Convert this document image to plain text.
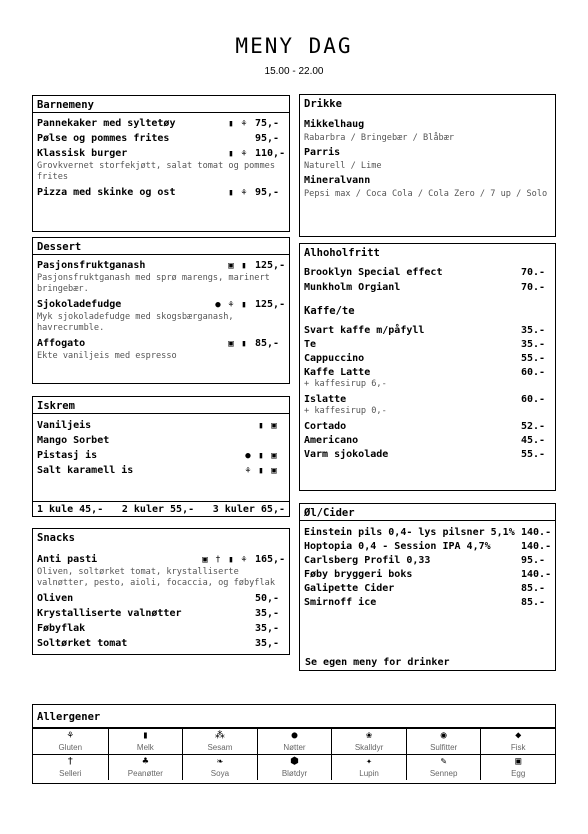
MENY DAG
15.00 - 22.00
Barnemeny
Pannekaker med syltetøy	▮ ⚘ 75,-
Pølse og pommes frites	95,-
Klassisk burger	▮ ⚘ 110,-
Grovkvernet storfekjøtt, salat tomat og pommes frites
Pizza med skinke og ost	▮ ⚘ 95,-
Dessert
Pasjonsfruktganash	▣ ▮ 125,-
Pasjonsfruktganash med sprø marengs, marinert bringebær.
Sjokoladefudge	● ⚘ ▮ 125,-
Myk sjokoladefudge med skogsbærganash, havrecrumble.
Affogato	▣ ▮ 85,-
Ekte vaniljeis med espresso
Iskrem
Vaniljeis	▮ ▣
Mango Sorbet
Pistasj is	● ▮ ▣
Salt karamell is	⚘ ▮ ▣
1 kule 45,- 2 kuler 55,- 3 kuler 65,-
Snacks
Anti pasti	▣ † ▮ ⚘ 165,-
Oliven, soltørket tomat, krystalliserte valnøtter, pesto, aioli, focaccia, og føbyflak
Oliven	50,-
Krystalliserte valnøtter	35,-
Føbyflak	35,-
Soltørket tomat	35,-
Drikke
Mikkelhaug
Rabarbra / Bringebær / Blåbær
Parris
Naturell / Lime
Mineralvann
Pepsi max / Coca Cola / Cola Zero / 7 up / Solo
Alhoholfritt
Brooklyn Special effect	70.-
Munkholm Orgianl	70.-
Kaffe/te
Svart kaffe m/påfyll	35.-
Te	35.-
Cappuccino	55.-
Kaffe Latte	60.-
+ kaffesirup 6,-
Islatte	60.-
+ kaffesirup 0,-
Cortado	52.-
Americano	45.-
Varm sjokolade	55.-
Øl/Cider
Einstein pils 0,4- lys pilsner 5,1% 140.-
Hoptopia 0,4 - Session IPA 4,7%	140.-
Carlsberg Profil 0,33	95.-
Føby bryggeri boks	140.-
Galipette Cider	85.-
Smirnoff ice	85.-
Se egen meny for drinker
Allergener
⚘
Gluten
▮
Melk
⁂
Sesam
●
Nøtter
❀
Skalldyr
◉
Sulfitter
◆
Fisk
†
Selleri
♣
Peanøtter
❧
Soya
⬢
Bløtdyr
✦
Lupin
✎
Sennep
▣
Egg
